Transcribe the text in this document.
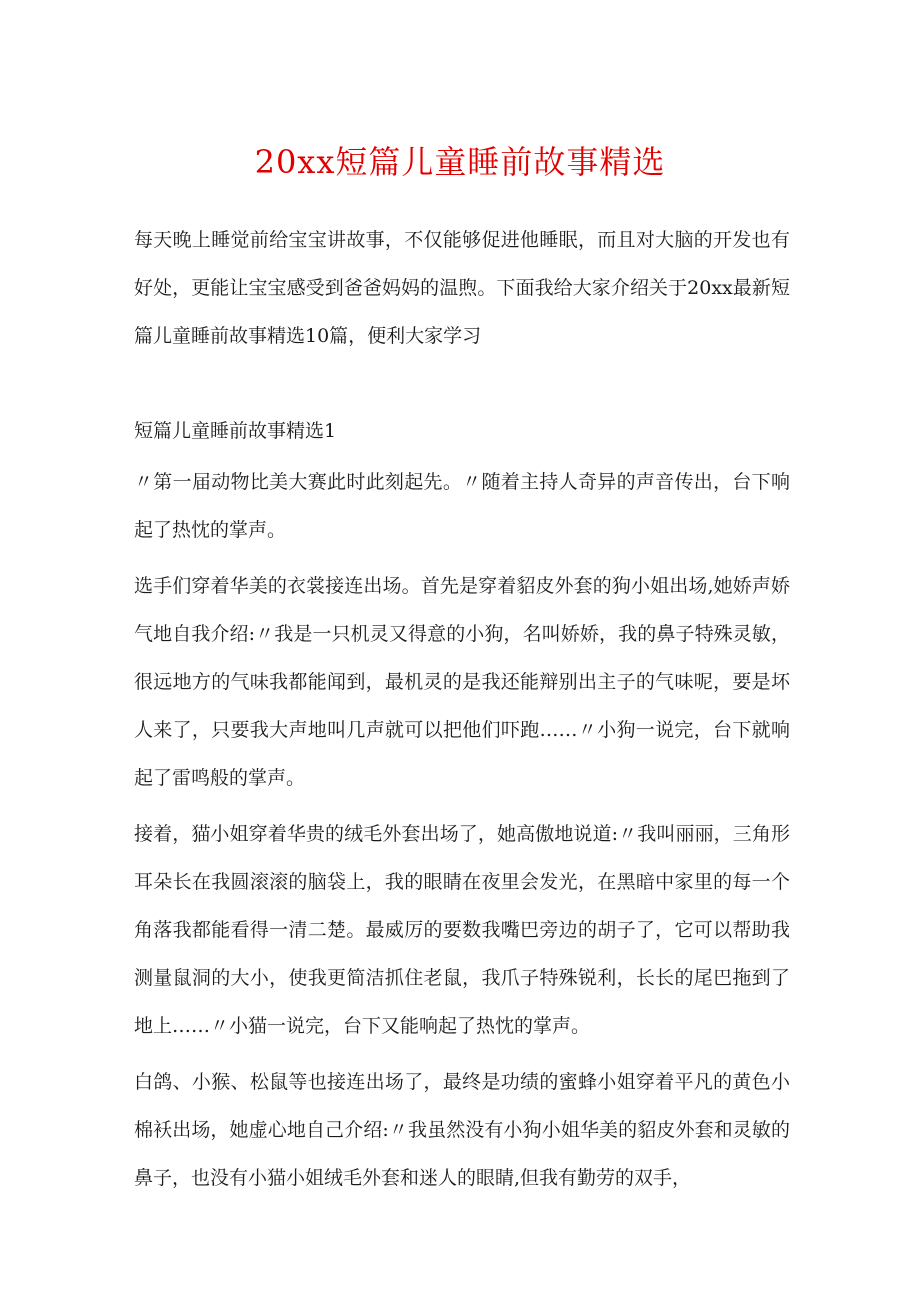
20xx短篇儿童睡前故事精选

每天晚上睡觉前给宝宝讲故事，不仅能够促进他睡眠，而且对大脑的开发也有好处，更能让宝宝感受到爸爸妈妈的温煦。下面我给大家介绍关于20xx最新短篇儿童睡前故事精选10篇，便利大家学习

短篇儿童睡前故事精选1

〃第一届动物比美大赛此时此刻起先。〃随着主持人奇异的声音传出，台下响起了热忱的掌声。

选手们穿着华美的衣裳接连出场。首先是穿着貂皮外套的狗小姐出场,她娇声娇气地自我介绍:〃我是一只机灵又得意的小狗，名叫娇娇，我的鼻子特殊灵敏，很远地方的气味我都能闻到，最机灵的是我还能辩别出主子的气味呢，要是坏人来了，只要我大声地叫几声就可以把他们吓跑……〃小狗一说完，台下就响起了雷鸣般的掌声。

接着，猫小姐穿着华贵的绒毛外套出场了，她高傲地说道:〃我叫丽丽，三角形耳朵长在我圆滚滚的脑袋上，我的眼睛在夜里会发光，在黑暗中家里的每一个角落我都能看得一清二楚。最威厉的要数我嘴巴旁边的胡子了，它可以帮助我测量鼠洞的大小，使我更简洁抓住老鼠，我爪子特殊锐利，长长的尾巴拖到了地上……〃小猫一说完，台下又能响起了热忱的掌声。

白鸽、小猴、松鼠等也接连出场了，最终是功绩的蜜蜂小姐穿着平凡的黄色小棉袄出场，她虚心地自己介绍:〃我虽然没有小狗小姐华美的貂皮外套和灵敏的鼻子，也没有小猫小姐绒毛外套和迷人的眼睛,但我有勤劳的双手，
